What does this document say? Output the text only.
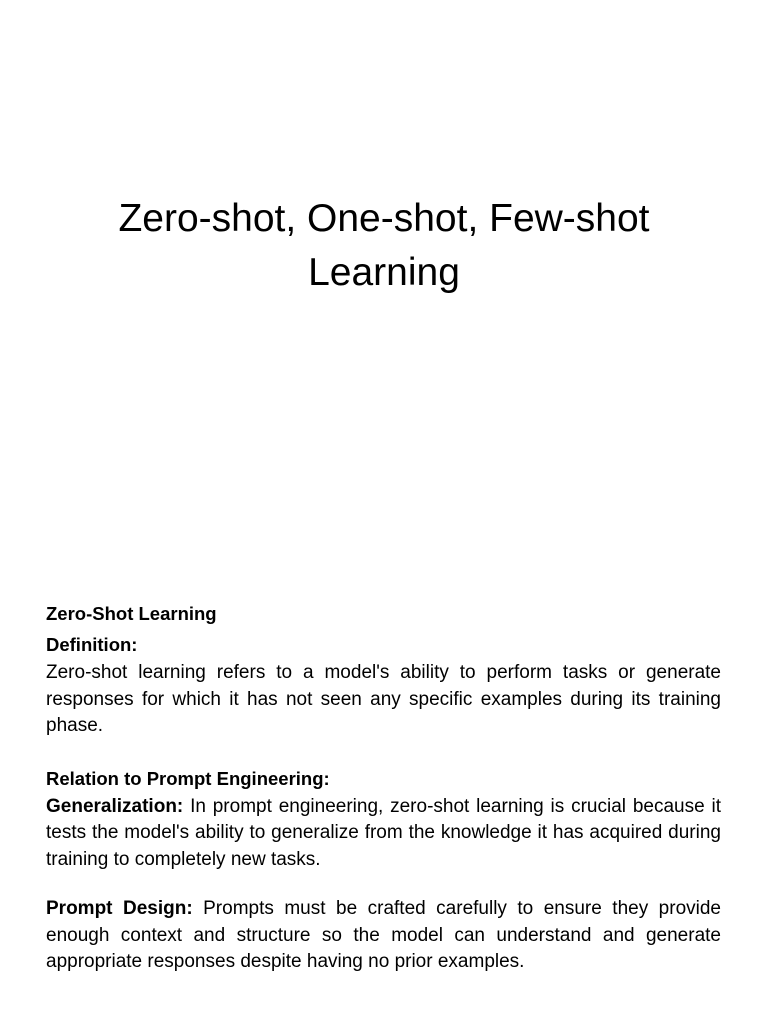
Zero-shot, One-shot, Few-shot Learning

Zero-Shot Learning

Definition:

Zero-shot learning refers to a model's ability to perform tasks or generate responses for which it has not seen any specific examples during its training phase.

Relation to Prompt Engineering:

Generalization: In prompt engineering, zero-shot learning is crucial because it tests the model's ability to generalize from the knowledge it has acquired during training to completely new tasks.

Prompt Design: Prompts must be crafted carefully to ensure they provide enough context and structure so the model can understand and generate appropriate responses despite having no prior examples.
